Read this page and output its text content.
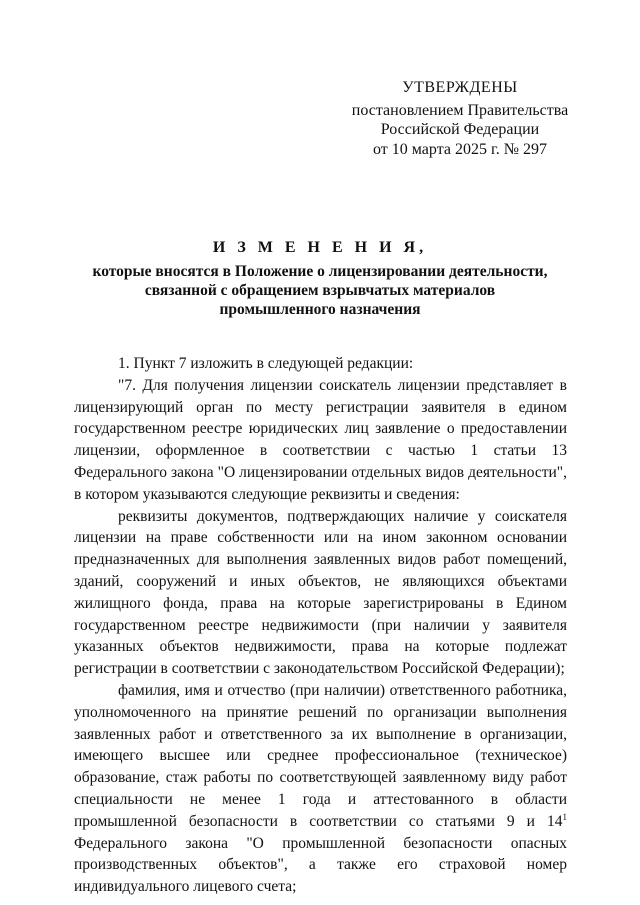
УТВЕРЖДЕНЫ
постановлением Правительства
Российской Федерации
от 10 марта 2025 г. № 297
И З М Е Н Е Н И Я,
которые вносятся в Положение о лицензировании деятельности,
связанной с обращением взрывчатых материалов
промышленного назначения

1. Пункт 7 изложить в следующей редакции:

"7. Для получения лицензии соискатель лицензии представляет в лицензирующий орган по месту регистрации заявителя в едином государственном реестре юридических лиц заявление о предоставлении лицензии, оформленное в соответствии с частью 1 статьи 13 Федерального закона "О лицензировании отдельных видов деятельности", в котором указываются следующие реквизиты и сведения:

реквизиты документов, подтверждающих наличие у соискателя лицензии на праве собственности или на ином законном основании предназначенных для выполнения заявленных видов работ помещений, зданий, сооружений и иных объектов, не являющихся объектами жилищного фонда, права на которые зарегистрированы в Едином государственном реестре недвижимости (при наличии у заявителя указанных объектов недвижимости, права на которые подлежат регистрации в соответствии с законодательством Российской Федерации);

фамилия, имя и отчество (при наличии) ответственного работника, уполномоченного на принятие решений по организации выполнения заявленных работ и ответственного за их выполнение в организации, имеющего высшее или среднее профессиональное (техническое) образование, стаж работы по соответствующей заявленному виду работ специальности не менее 1 года и аттестованного в области промышленной безопасности в соответствии со статьями 9 и $14^1$ Федерального закона "О промышленной безопасности опасных производственных объектов", а также его страховой номер индивидуального лицевого счета;
